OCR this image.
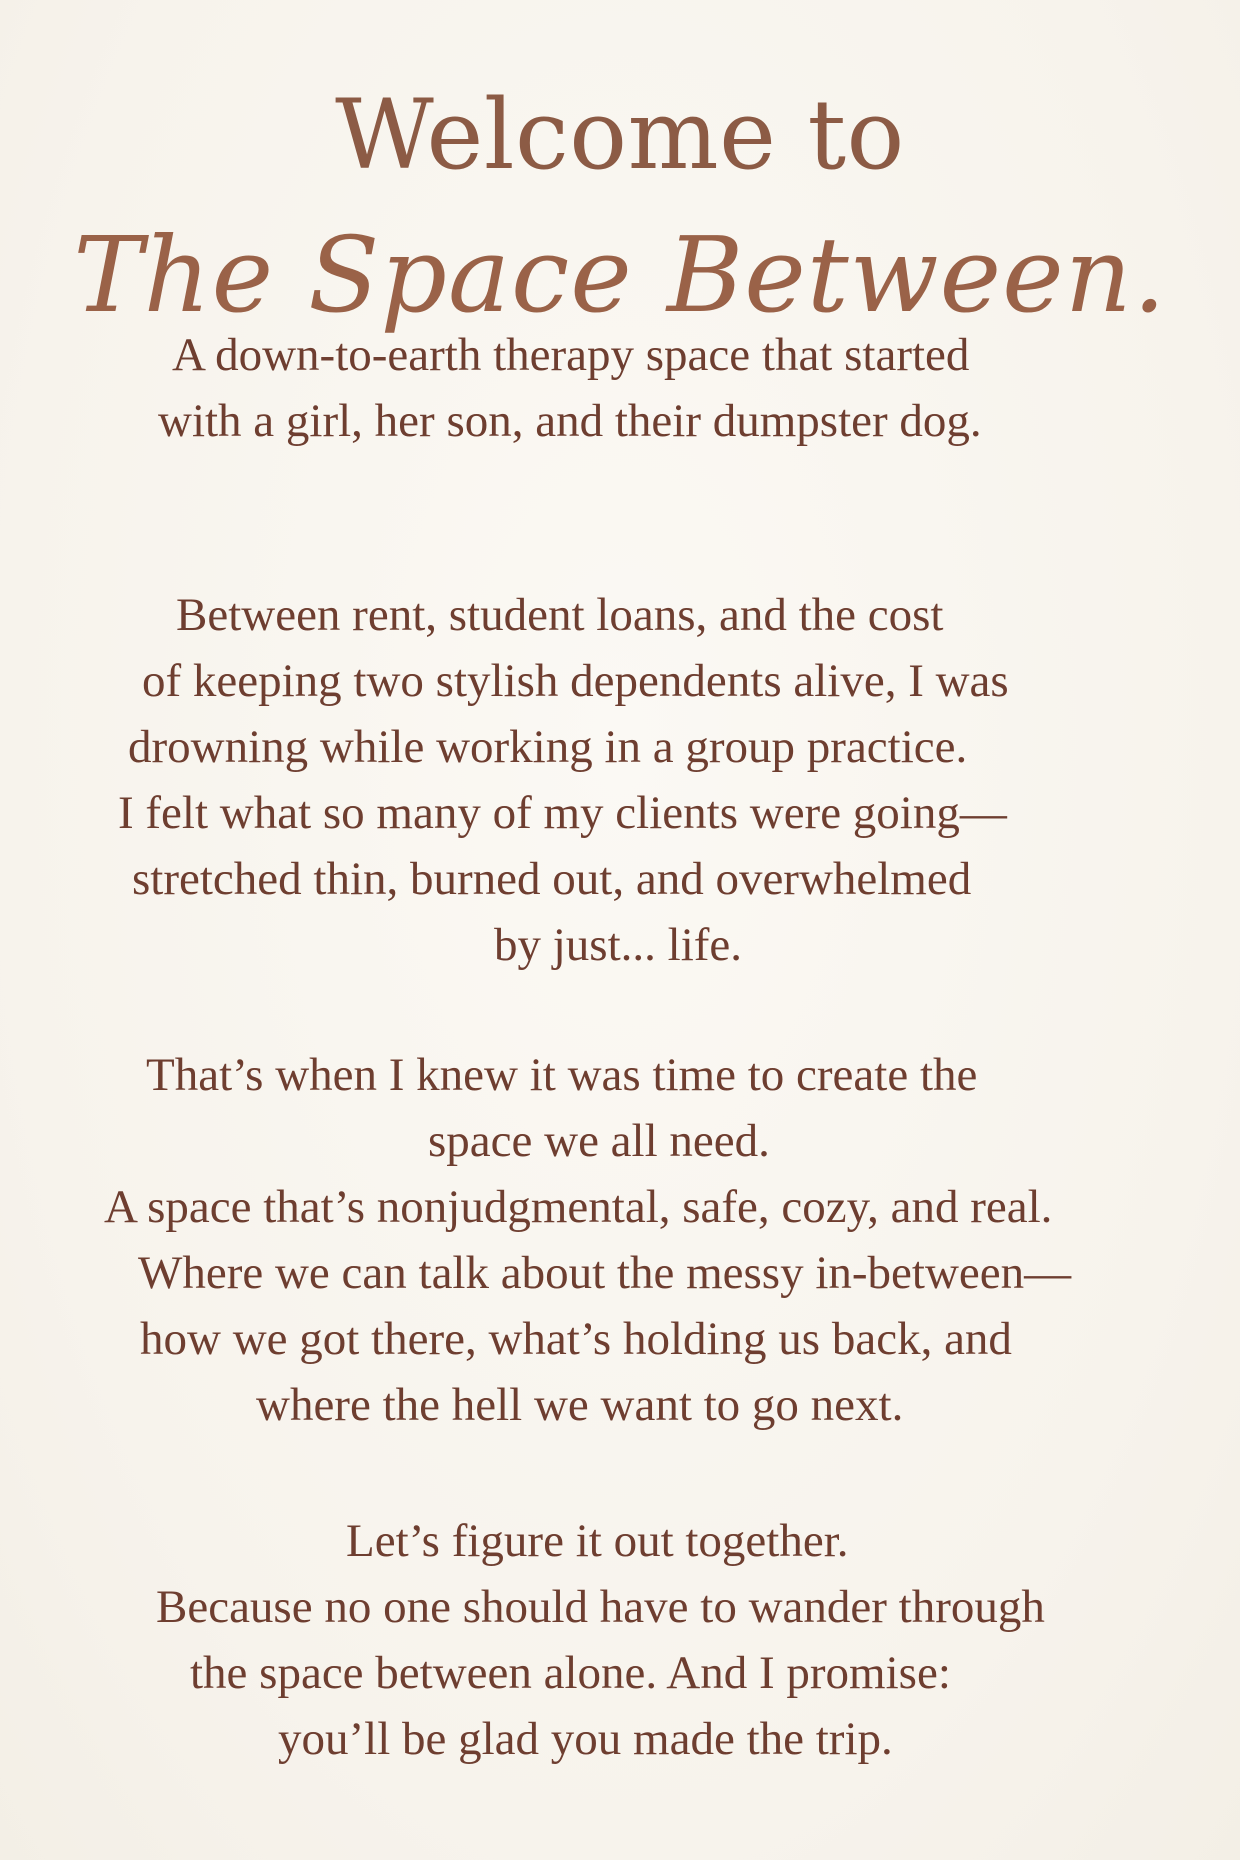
Welcome to
The Space Between.
A down-to-earth therapy space that started
with a girl, her son, and their dumpster dog.
Between rent, student loans, and the cost
of keeping two stylish dependents alive, I was
drowning while working in a group practice.
I felt what so many of my clients were going—
stretched thin, burned out, and overwhelmed
by just... life.
That’s when I knew it was time to create the
space we all need.
A space that’s nonjudgmental, safe, cozy, and real.
Where we can talk about the messy in-between—
how we got there, what’s holding us back, and
where the hell we want to go next.
Let’s figure it out together.
Because no one should have to wander through
the space between alone. And I promise:
you’ll be glad you made the trip.
